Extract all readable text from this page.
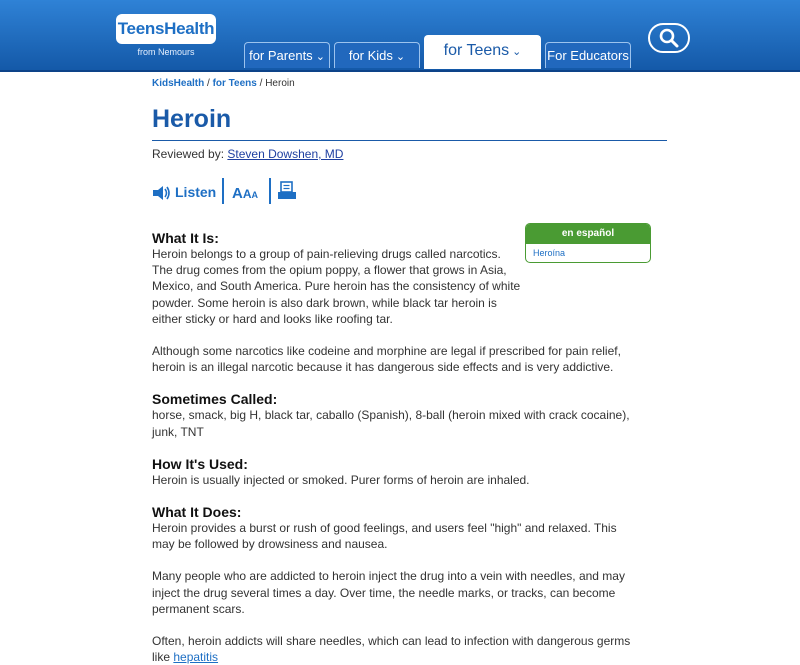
TeensHealth
from Nemours	for Parents ⌄	for Kids ⌄	for Teens ⌄	For Educators
KidsHealth / for Teens / Heroin
Heroin
Reviewed by: Steven Dowshen, MD
Listen AAA
en español
Heroína
What It Is:

Heroin belongs to a group of pain-relieving drugs called narcotics. The drug comes from the opium poppy, a flower that grows in Asia, Mexico, and South America. Pure heroin has the consistency of white powder. Some heroin is also dark brown, while black tar heroin is either sticky or hard and looks like roofing tar.

Although some narcotics like codeine and morphine are legal if prescribed for pain relief, heroin is an illegal narcotic because it has dangerous side effects and is very addictive.

Sometimes Called:

horse, smack, big H, black tar, caballo (Spanish), 8-ball (heroin mixed with crack cocaine), junk, TNT

How It's Used:

Heroin is usually injected or smoked. Purer forms of heroin are inhaled.

What It Does:

Heroin provides a burst or rush of good feelings, and users feel "high" and relaxed. This may be followed by drowsiness and nausea.

Many people who are addicted to heroin inject the drug into a vein with needles, and may inject the drug several times a day. Over time, the needle marks, or tracks, can become permanent scars.

Often, heroin addicts will share needles, which can lead to infection with dangerous germs like hepatitis
